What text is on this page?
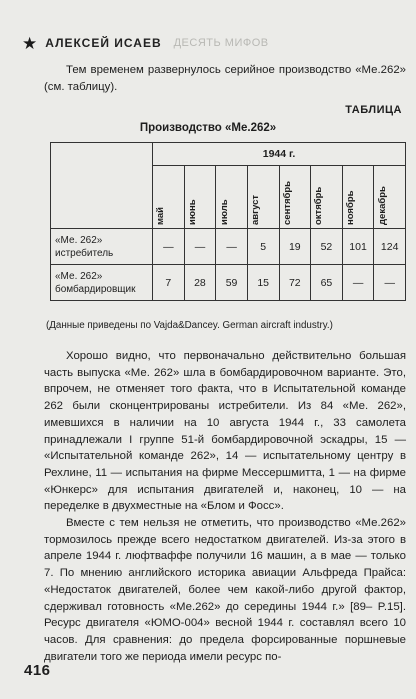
★ АЛЕКСЕЙ ИСАЕВ ДЕСЯТЬ МИФОВ

Тем временем развернулось серийное производство «Ме.262» (см. таблицу).

ТАБЛИЦА
Производство «Ме.262»
	1944 г.							

	май	июнь	июль	август	сентябрь	октябрь	ноябрь	декабрь

«Ме. 262» истребитель	—	—	—	5	19	52	101	124
«Ме. 262» бомбардировщик	7	28	59	15	72	65	—	—
(Данные приведены по Vajda&Dancey. German aircraft industry.)

Хорошо видно, что первоначально действительно большая часть выпуска «Ме. 262» шла в бомбардировочном варианте. Это, впрочем, не отменяет того факта, что в Испытательной команде 262 были сконцентрированы истребители. Из 84 «Ме. 262», имевшихся в наличии на 10 августа 1944 г., 33 самолета принадлежали I группе 51-й бомбардировочной эскадры, 15 — «Испытательной команде 262», 14 — испытательному центру в Рехлине, 11 — испытания на фирме Мессершмитта, 1 — на фирме «Юнкерс» для испытания двигателей и, наконец, 10 — на переделке в двухместные на «Блом и Фосс».

Вместе с тем нельзя не отметить, что производство «Ме.262» тормозилось прежде всего недостатком двигателей. Из-за этого в апреле 1944 г. люфтваффе получили 16 машин, а в мае — только 7. По мнению английского историка авиации Альфреда Прайса: «Недостаток двигателей, более чем какой-либо другой фактор, сдерживал готовность «Ме.262» до середины 1944 г.» [89– P.15]. Ресурс двигателя «ЮМО-004» весной 1944 г. составлял всего 10 часов. Для сравнения: до предела форсированные поршневые двигатели того же периода имели ресурс по-

416
